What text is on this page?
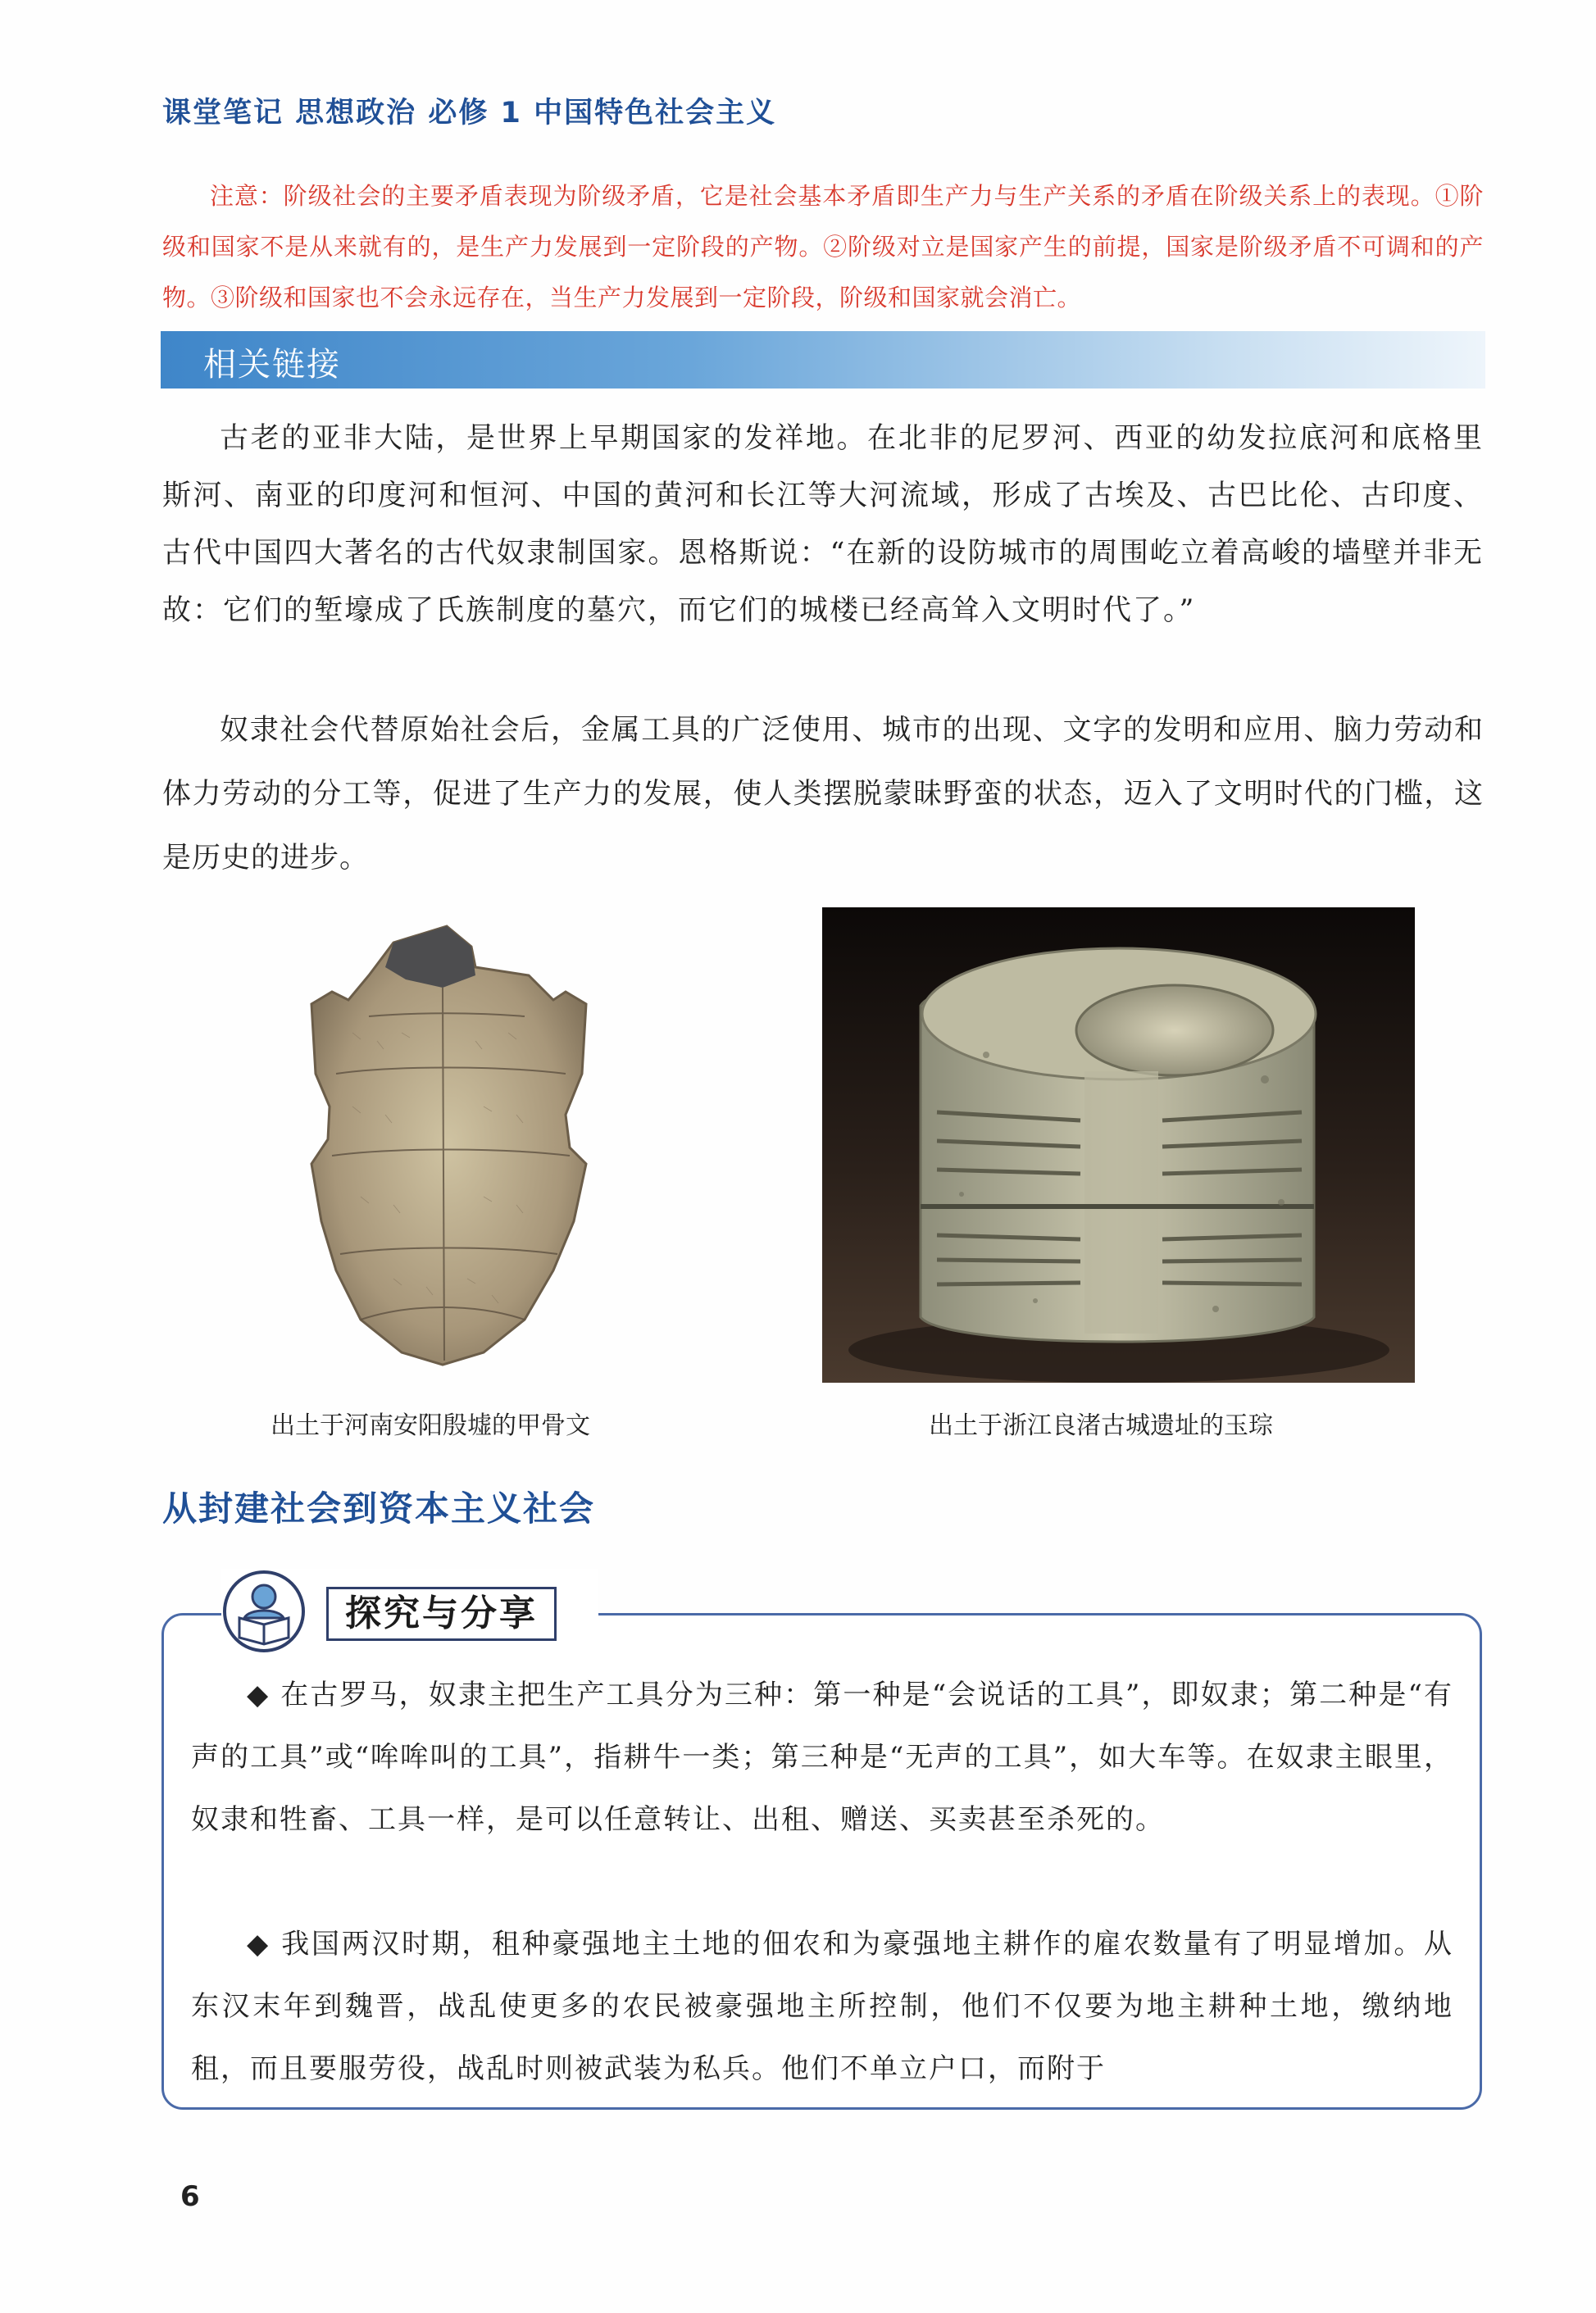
课堂笔记 思想政治 必修 1 中国特色社会主义
注意：阶级社会的主要矛盾表现为阶级矛盾，它是社会基本矛盾即生产力与生产关系的矛盾在阶级关系上的表现。①阶级和国家不是从来就有的，是生产力发展到一定阶段的产物。②阶级对立是国家产生的前提，国家是阶级矛盾不可调和的产物。③阶级和国家也不会永远存在，当生产力发展到一定阶段，阶级和国家就会消亡。
相关链接

古老的亚非大陆，是世界上早期国家的发祥地。在北非的尼罗河、西亚的幼发拉底河和底格里斯河、南亚的印度河和恒河、中国的黄河和长江等大河流域，形成了古埃及、古巴比伦、古印度、古代中国四大著名的古代奴隶制国家。恩格斯说：“在新的设防城市的周围屹立着高峻的墙壁并非无故：它们的堑壕成了氏族制度的墓穴，而它们的城楼已经高耸入文明时代了。”

奴隶社会代替原始社会后，金属工具的广泛使用、城市的出现、文字的发明和应用、脑力劳动和体力劳动的分工等，促进了生产力的发展，使人类摆脱蒙昧野蛮的状态，迈入了文明时代的门槛，这是历史的进步。

出土于河南安阳殷墟的甲骨文	出土于浙江良渚古城遗址的玉琮
从封建社会到资本主义社会
探究与分享

◆ 在古罗马，奴隶主把生产工具分为三种：第一种是“会说话的工具”，即奴隶；第二种是“有声的工具”或“哞哞叫的工具”，指耕牛一类；第三种是“无声的工具”，如大车等。在奴隶主眼里，奴隶和牲畜、工具一样，是可以任意转让、出租、赠送、买卖甚至杀死的。

◆ 我国两汉时期，租种豪强地主土地的佃农和为豪强地主耕作的雇农数量有了明显增加。从东汉末年到魏晋，战乱使更多的农民被豪强地主所控制，他们不仅要为地主耕种土地，缴纳地租，而且要服劳役，战乱时则被武装为私兵。他们不单立户口，而附于

6
